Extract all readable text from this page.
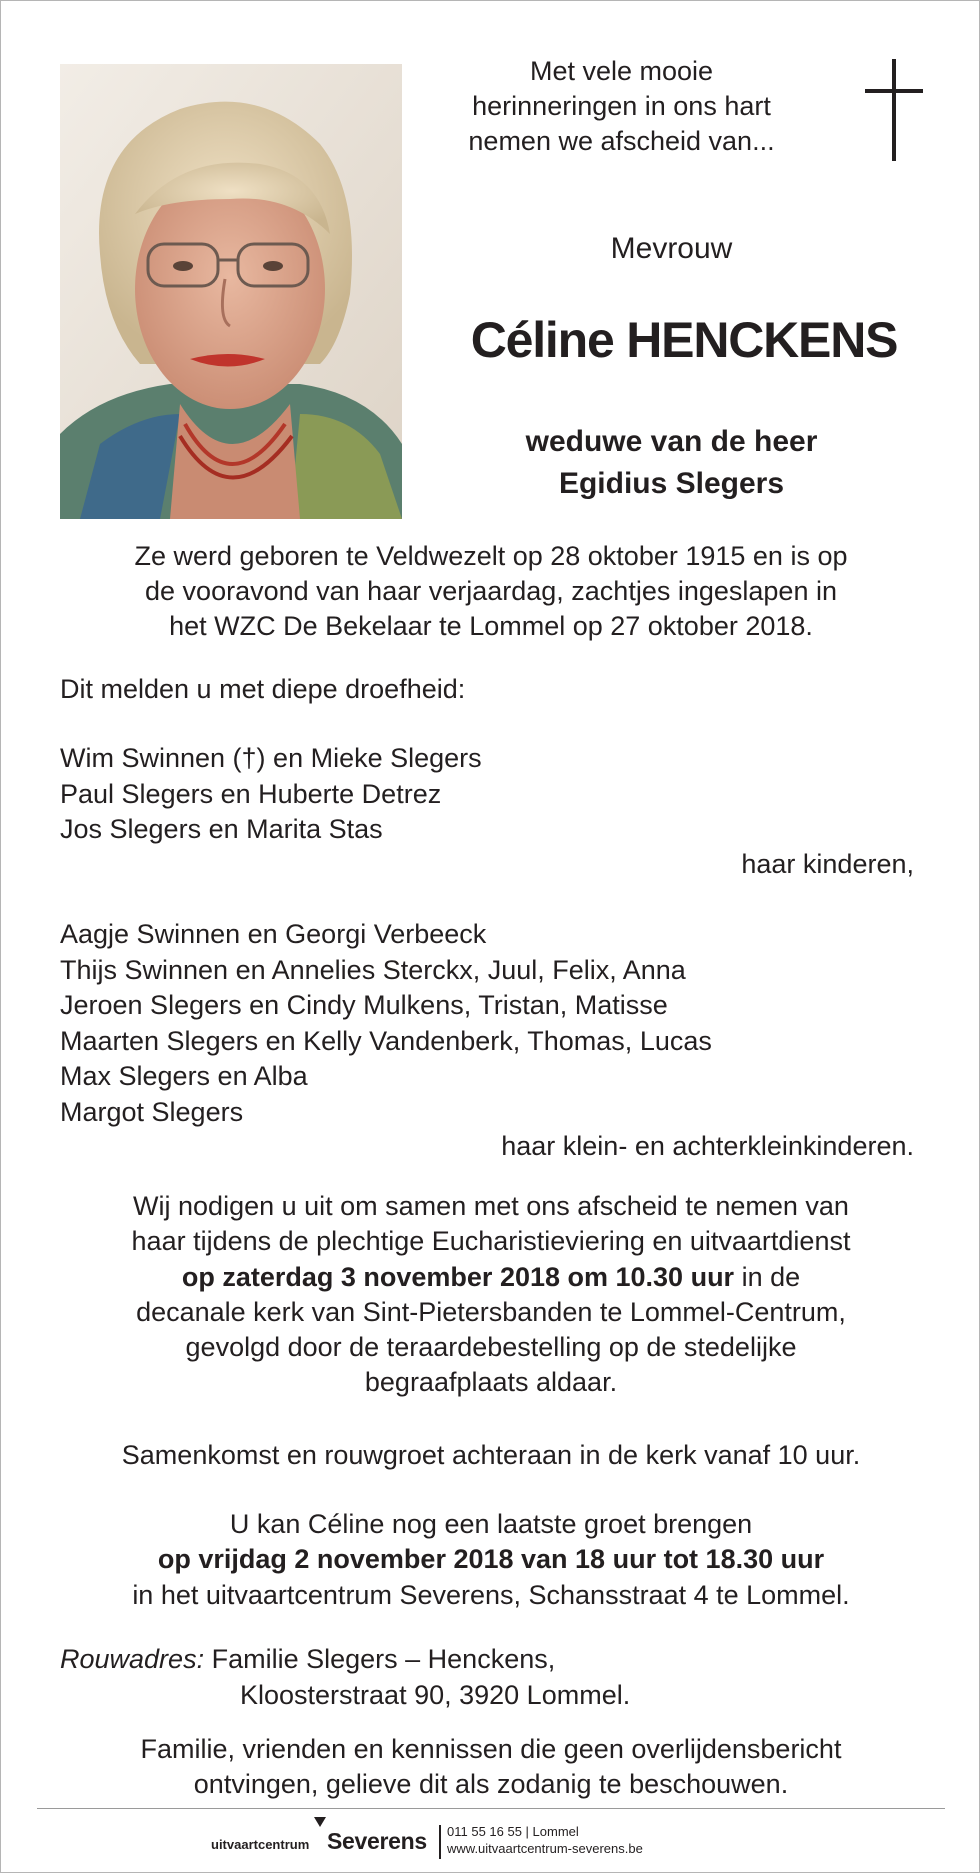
Met vele mooie
herinneringen in ons hart
nemen we afscheid van...
Mevrouw
Céline HENCKENS
weduwe van de heer
Egidius Slegers
Ze werd geboren te Veldwezelt op 28 oktober 1915 en is op
de vooravond van haar verjaardag, zachtjes ingeslapen in
het WZC De Bekelaar te Lommel op 27 oktober 2018.
Dit melden u met diepe droefheid:
Wim Swinnen (†) en Mieke Slegers
Paul Slegers en Huberte Detrez
Jos Slegers en Marita Stas
haar kinderen,
Aagje Swinnen en Georgi Verbeeck
Thijs Swinnen en Annelies Sterckx, Juul, Felix, Anna
Jeroen Slegers en Cindy Mulkens, Tristan, Matisse
Maarten Slegers en Kelly Vandenberk, Thomas, Lucas
Max Slegers en Alba
Margot Slegers
haar klein- en achterkleinkinderen.
Wij nodigen u uit om samen met ons afscheid te nemen van
haar tijdens de plechtige Eucharistieviering en uitvaartdienst
op zaterdag 3 november 2018 om 10.30 uur in de
decanale kerk van Sint-Pietersbanden te Lommel-Centrum,
gevolgd door de teraardebestelling op de stedelijke
begraafplaats aldaar.
Samenkomst en rouwgroet achteraan in de kerk vanaf 10 uur.
U kan Céline nog een laatste groet brengen
op vrijdag 2 november 2018 van 18 uur tot 18.30 uur
in het uitvaartcentrum Severens, Schansstraat 4 te Lommel.
Rouwadres: Familie Slegers – Henckens,
Kloosterstraat 90, 3920 Lommel.
Familie, vrienden en kennissen die geen overlijdensbericht
ontvingen, gelieve dit als zodanig te beschouwen.
uitvaartcentrum Severens 011 55 16 55 | Lommel
www.uitvaartcentrum-severens.be
